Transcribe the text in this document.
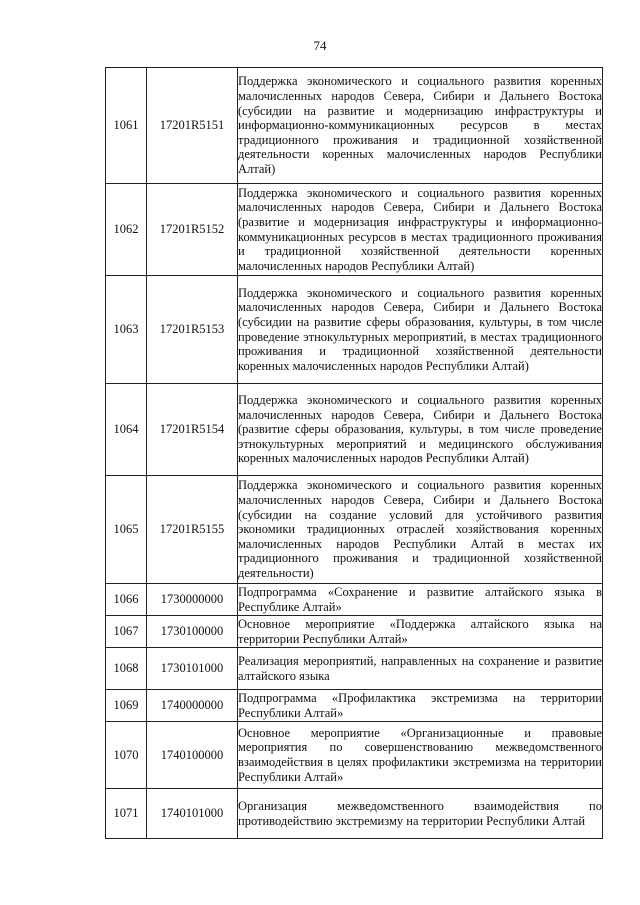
74
1061	17201R5151	Поддержка экономического и социального развития коренных малочисленных народов Севера, Сибири и Дальнего Востока (субсидии на развитие и модернизацию инфраструктуры и информационно-коммуникационных ресурсов в местах традиционного проживания и традиционной хозяйственной деятельности коренных малочисленных народов Республики Алтай)
1062	17201R5152	Поддержка экономического и социального развития коренных малочисленных народов Севера, Сибири и Дальнего Востока (развитие и модернизация инфраструктуры и информационно-коммуникационных ресурсов в местах традиционного проживания и традиционной хозяйственной деятельности коренных малочисленных народов Республики Алтай)
1063	17201R5153	Поддержка экономического и социального развития коренных малочисленных народов Севера, Сибири и Дальнего Востока (субсидии на развитие сферы образования, культуры, в том числе проведение этнокультурных мероприятий, в местах традиционного проживания и традиционной хозяйственной деятельности коренных малочисленных народов Республики Алтай)
1064	17201R5154	Поддержка экономического и социального развития коренных малочисленных народов Севера, Сибири и Дальнего Востока (развитие сферы образования, культуры, в том числе проведение этнокультурных мероприятий и медицинского обслуживания коренных малочисленных народов Республики Алтай)
1065	17201R5155	Поддержка экономического и социального развития коренных малочисленных народов Севера, Сибири и Дальнего Востока (субсидии на создание условий для устойчивого развития экономики традиционных отраслей хозяйствования коренных малочисленных народов Республики Алтай в местах их традиционного проживания и традиционной хозяйственной деятельности)
1066	1730000000	Подпрограмма «Сохранение и развитие алтайского языка в Республике Алтай»
1067	1730100000	Основное мероприятие «Поддержка алтайского языка на территории Республики Алтай»
1068	1730101000	Реализация мероприятий, направленных на сохранение и развитие алтайского языка
1069	1740000000	Подпрограмма «Профилактика экстремизма на территории Республики Алтай»
1070	1740100000	Основное мероприятие «Организационные и правовые мероприятия по совершенствованию межведомственного взаимодействия в целях профилактики экстремизма на территории Республики Алтай»
1071	1740101000	Организация межведомственного взаимодействия по противодействию экстремизму на территории Республики Алтай
